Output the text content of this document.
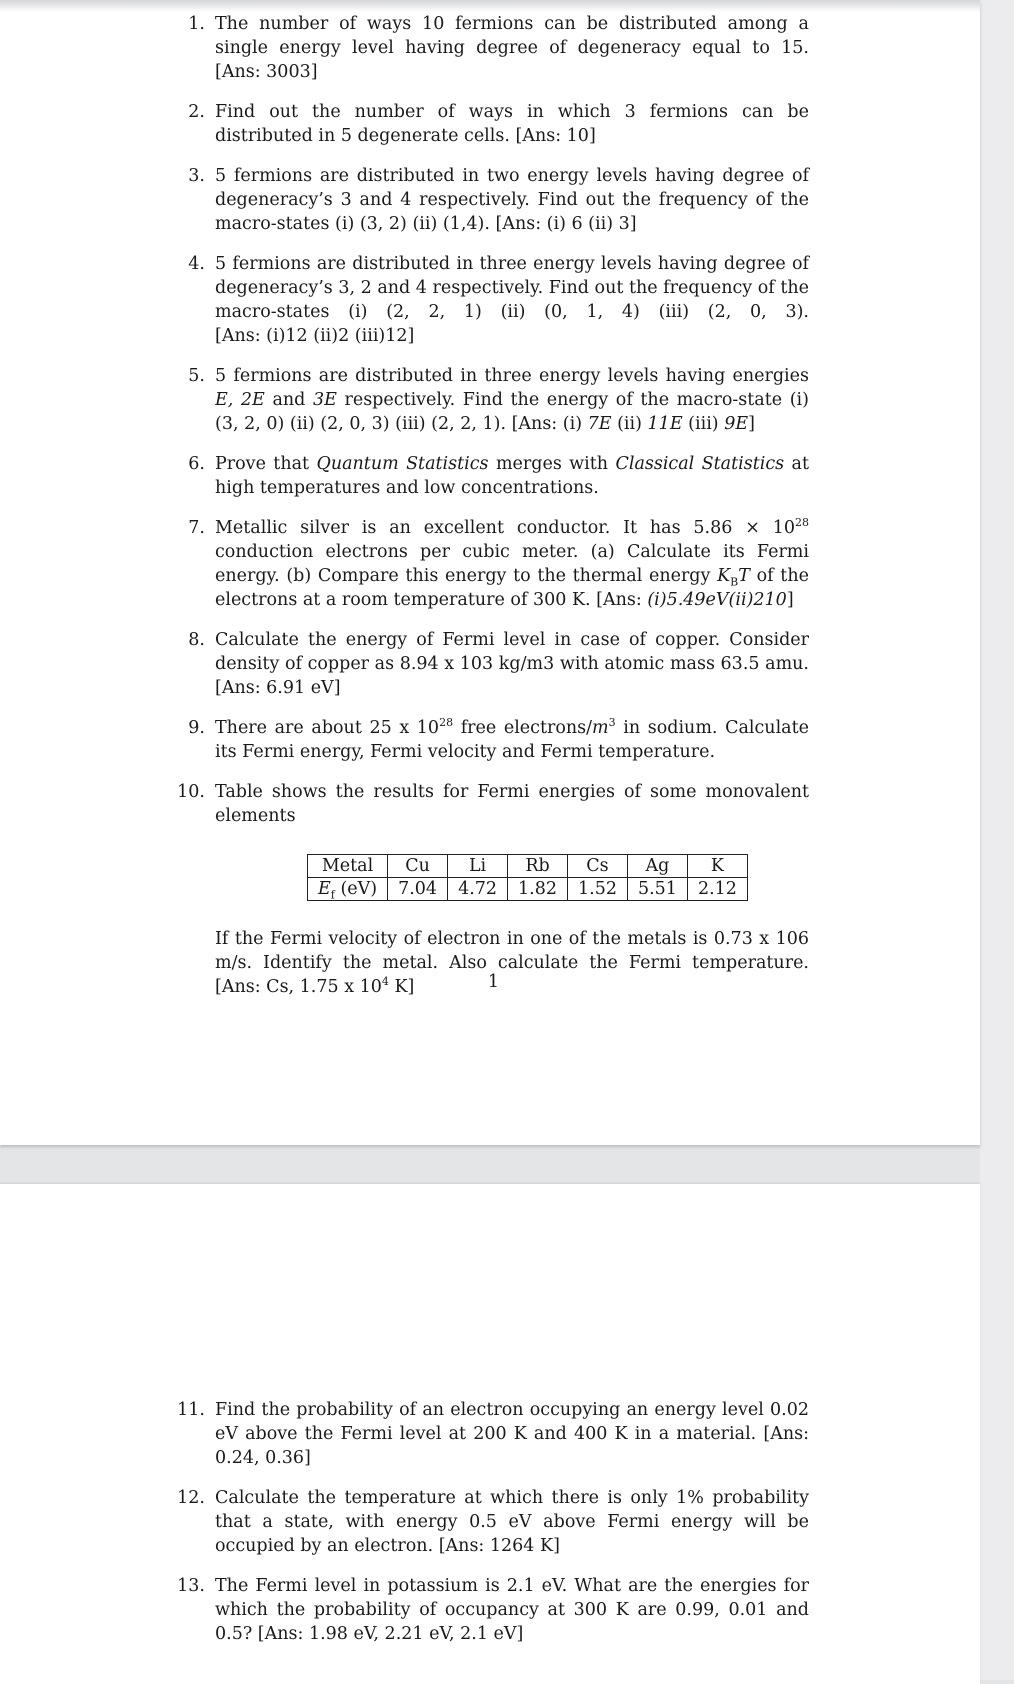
1. The number of ways 10 fermions can be distributed among a single energy level having degree of degeneracy equal to 15. [Ans: 3003]
2. Find out the number of ways in which 3 fermions can be distributed in 5 degenerate cells. [Ans: 10]
3. 5 fermions are distributed in two energy levels having degree of degeneracy’s 3 and 4 respectively. Find out the frequency of the macro-states (i) (3, 2) (ii) (1,4). [Ans: (i) 6 (ii) 3]
4. 5 fermions are distributed in three energy levels having degree of degeneracy’s 3, 2 and 4 respectively. Find out the frequency of the macro-states (i) (2, 2, 1) (ii) (0, 1, 4) (iii) (2, 0, 3). [Ans: (i)12 (ii)2 (iii)12]
5. 5 fermions are distributed in three energy levels having energies E, 2E and 3E respectively. Find the energy of the macro-state (i) (3, 2, 0) (ii) (2, 0, 3) (iii) (2, 2, 1). [Ans: (i) 7E (ii) 11E (iii) 9E]
6. Prove that Quantum Statistics merges with Classical Statistics at high temperatures and low concentrations.
7. Metallic silver is an excellent conductor. It has $5.86 \times 10^{28}$ conduction electrons per cubic meter. (a) Calculate its Fermi energy. (b) Compare this energy to the thermal energy $K_BT$ of the electrons at a room temperature of 300 K. [Ans: (i)5.49eV(ii)210]
8. Calculate the energy of Fermi level in case of copper. Consider density of copper as 8.94 x 103 kg/m3 with atomic mass 63.5 amu. [Ans: 6.91 eV]
9. There are about 25 x $10^{28}$ free electrons/$m^3$ in sodium. Calculate its Fermi energy, Fermi velocity and Fermi temperature.
10. Table shows the results for Fermi energies of some monovalent elements
Metal	Cu	Li	Rb	Cs	Ag	K
$E_f$ (eV)	7.04	4.72	1.82	1.52	5.51	2.12
If the Fermi velocity of electron in one of the metals is 0.73 x 106 m/s. Identify the metal. Also calculate the Fermi temperature. [Ans: Cs, 1.75 x $10^4$ K]	1
11. Find the probability of an electron occupying an energy level 0.02 eV above the Fermi level at 200 K and 400 K in a material. [Ans: 0.24, 0.36]
12. Calculate the temperature at which there is only 1% probability that a state, with energy 0.5 eV above Fermi energy will be occupied by an electron. [Ans: 1264 K]
13. The Fermi level in potassium is 2.1 eV. What are the energies for which the probability of occupancy at 300 K are 0.99, 0.01 and 0.5? [Ans: 1.98 eV, 2.21 eV, 2.1 eV]
